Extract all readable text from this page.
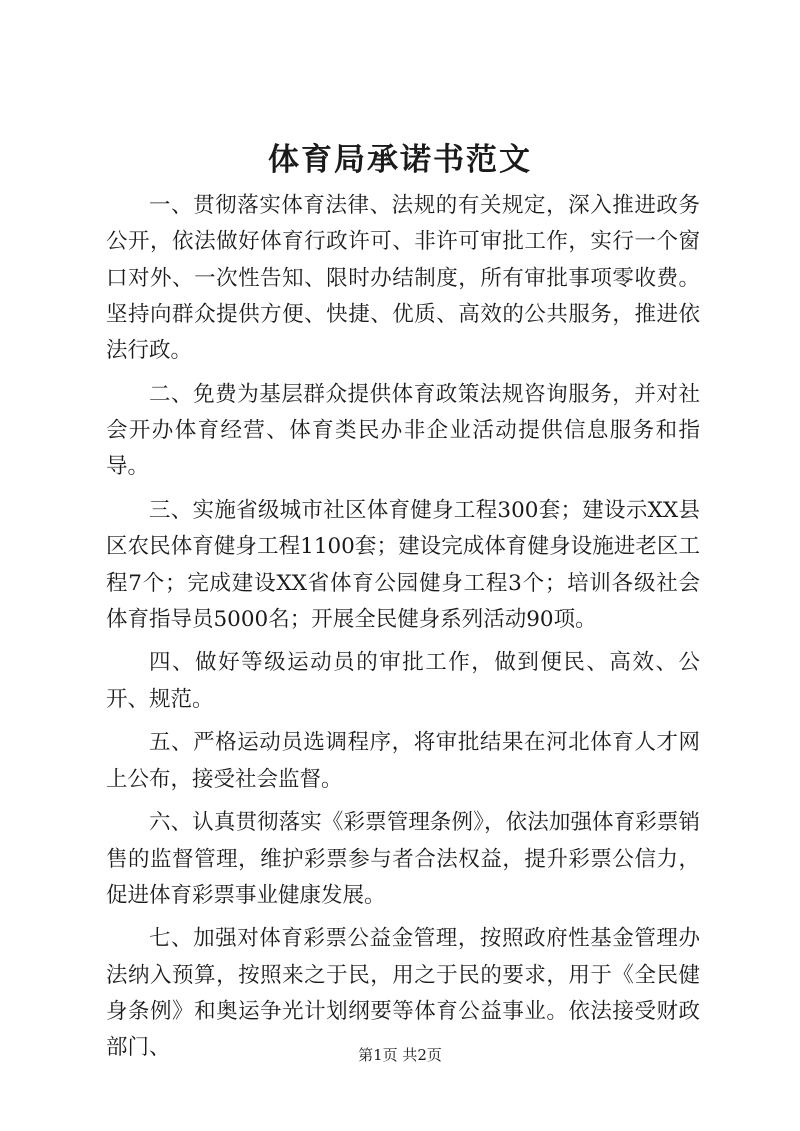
体育局承诺书范文

一、贯彻落实体育法律、法规的有关规定，深入推进政务公开，依法做好体育行政许可、非许可审批工作，实行一个窗口对外、一次性告知、限时办结制度，所有审批事项零收费。坚持向群众提供方便、快捷、优质、高效的公共服务，推进依法行政。

二、免费为基层群众提供体育政策法规咨询服务，并对社会开办体育经营、体育类民办非企业活动提供信息服务和指导。

三、实施省级城市社区体育健身工程300套；建设示XX县区农民体育健身工程1100套；建设完成体育健身设施进老区工程7个；完成建设XX省体育公园健身工程3个；培训各级社会体育指导员5000名；开展全民健身系列活动90项。

四、做好等级运动员的审批工作，做到便民、高效、公开、规范。

五、严格运动员选调程序，将审批结果在河北体育人才网上公布，接受社会监督。

六、认真贯彻落实《彩票管理条例》，依法加强体育彩票销售的监督管理，维护彩票参与者合法权益，提升彩票公信力，促进体育彩票事业健康发展。

七、加强对体育彩票公益金管理，按照政府性基金管理办法纳入预算，按照来之于民，用之于民的要求，用于《全民健身条例》和奥运争光计划纲要等体育公益事业。依法接受财政部门、	第1页 共2页
